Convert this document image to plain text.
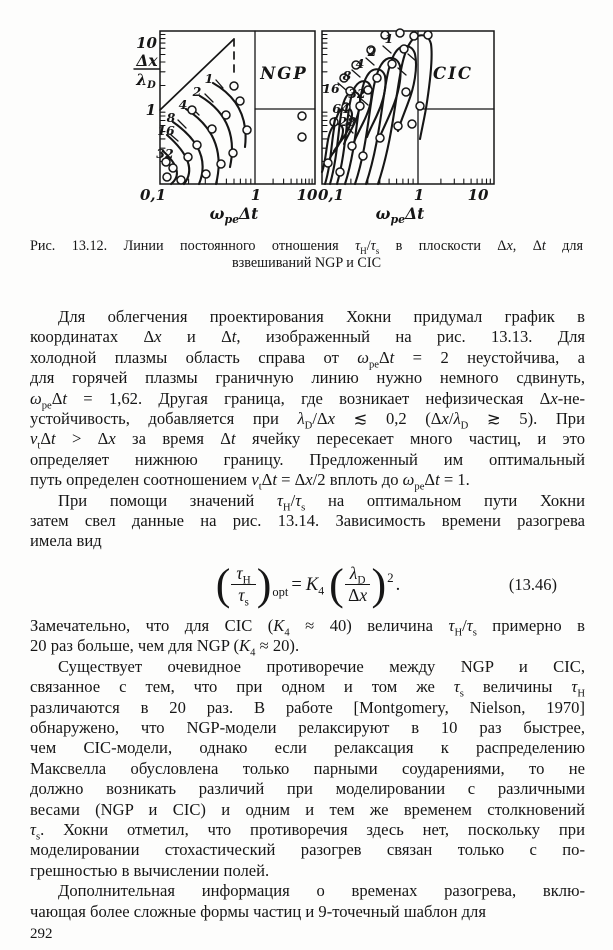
1
2
4
8
16
32
NGP
10
1
Δx
λD
0,1	1 10
$\omega_{pe}\Delta t$
1
2
4
8
16 32
64
128
CIC
0,1	1	10
$\omega_{pe}\Delta t$
Рис. 13.12. Линии постоянного отношения $\tau_H/\tau_s$ в плоскости Δx, Δt для
взвешиваний NGP и CIC
Для облегчения проектирования Хокни придумал график в
координатах Δx и Δt, изображенный на рис. 13.13. Для
холодной плазмы область справа от $\omega_{pe}\Delta t = 2$ неустойчива, а
для горячей плазмы граничную линию нужно немного сдвинуть,
$\omega_{pe}\Delta t = 1,62$. Другая граница, где возникает нефизическая Δx-не-
устойчивость, добавляется при $\lambda_D/\Delta x$ ≲ 0,2 ($\Delta x/\lambda_D$ ≳ 5). При
$v_t\Delta t > \Delta x$ за время Δt ячейку пересекает много частиц, и это
определяет нижнюю границу. Предложенный им оптимальный
путь определен соотношением $v_t\Delta t = \Delta x/2$ вплоть до $\omega_{pe}\Delta t = 1$.
При помощи значений $\tau_H/\tau_s$ на оптимальном пути Хокни
затем свел данные на рис. 13.14. Зависимость времени разогрева
имела вид
( $\frac{\tau_H}{\tau_s}$ ) opt = $K_4$ ( $\frac{\lambda_D}{\Delta x}$ ) 2 .	(13.46)
Замечательно, что для CIC $(K_4 \approx 40)$ величина $\tau_H/\tau_s$ примерно в
20 раз больше, чем для NGP $(K_4 \approx 20)$.
Существует очевидное противоречие между NGP и CIC,
связанное с тем, что при одном и том же $\tau_s$ величины $\tau_H$
различаются в 20 раз. В работе [Montgomery, Nielson, 1970]
обнаружено, что NGP-модели релаксируют в 10 раз быстрее,
чем CIC-модели, однако если релаксация к распределению
Максвелла обусловлена только парными соударениями, то не
должно возникать различий при моделировании с различными
весами (NGP и CIC) и одним и тем же временем столкновений
$\tau_s$. Хокни отметил, что противоречия здесь нет, поскольку при
моделировании стохастический разогрев связан только с по-
грешностью в вычислении полей.
Дополнительная информация о временах разогрева, вклю-
чающая более сложные формы частиц и 9-точечный шаблон для
292
